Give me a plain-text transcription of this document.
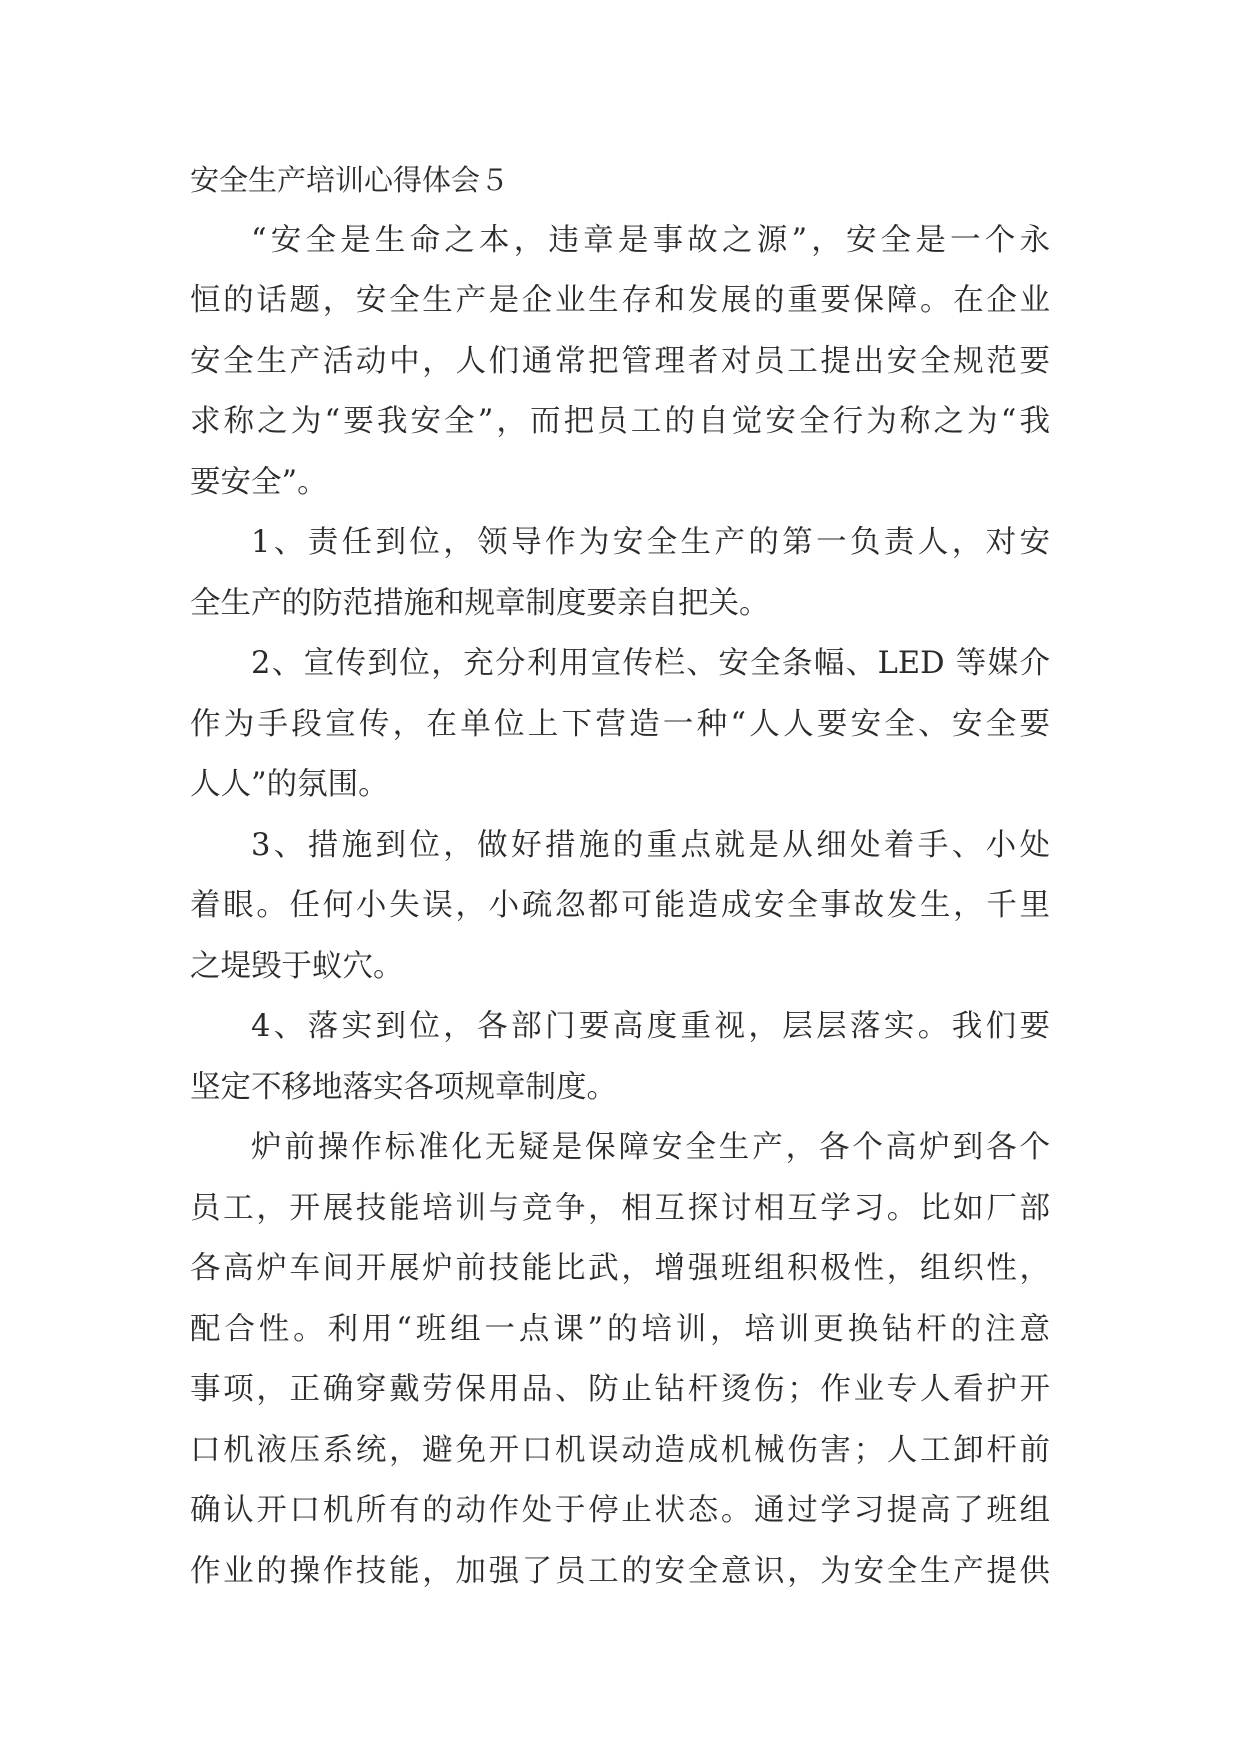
安全生产培训心得体会５
“安全是生命之本，违章是事故之源”，安全是一个永
恒的话题，安全生产是企业生存和发展的重要保障。在企业
安全生产活动中，人们通常把管理者对员工提出安全规范要
求称之为“要我安全”，而把员工的自觉安全行为称之为“我
要安全”。
1、责任到位，领导作为安全生产的第一负责人，对安
全生产的防范措施和规章制度要亲自把关。
2、宣传到位，充分利用宣传栏、安全条幅、LED 等媒介
作为手段宣传，在单位上下营造一种“人人要安全、安全要
人人”的氛围。
3、措施到位，做好措施的重点就是从细处着手、小处
着眼。任何小失误，小疏忽都可能造成安全事故发生，千里
之堤毁于蚁穴。
4、落实到位，各部门要高度重视，层层落实。我们要
坚定不移地落实各项规章制度。
炉前操作标准化无疑是保障安全生产，各个高炉到各个
员工，开展技能培训与竞争，相互探讨相互学习。比如厂部
各高炉车间开展炉前技能比武，增强班组积极性，组织性，
配合性。利用“班组一点课”的培训，培训更换钻杆的注意
事项，正确穿戴劳保用品、防止钻杆烫伤；作业专人看护开
口机液压系统，避免开口机误动造成机械伤害；人工卸杆前
确认开口机所有的动作处于停止状态。通过学习提高了班组
作业的操作技能，加强了员工的安全意识，为安全生产提供
